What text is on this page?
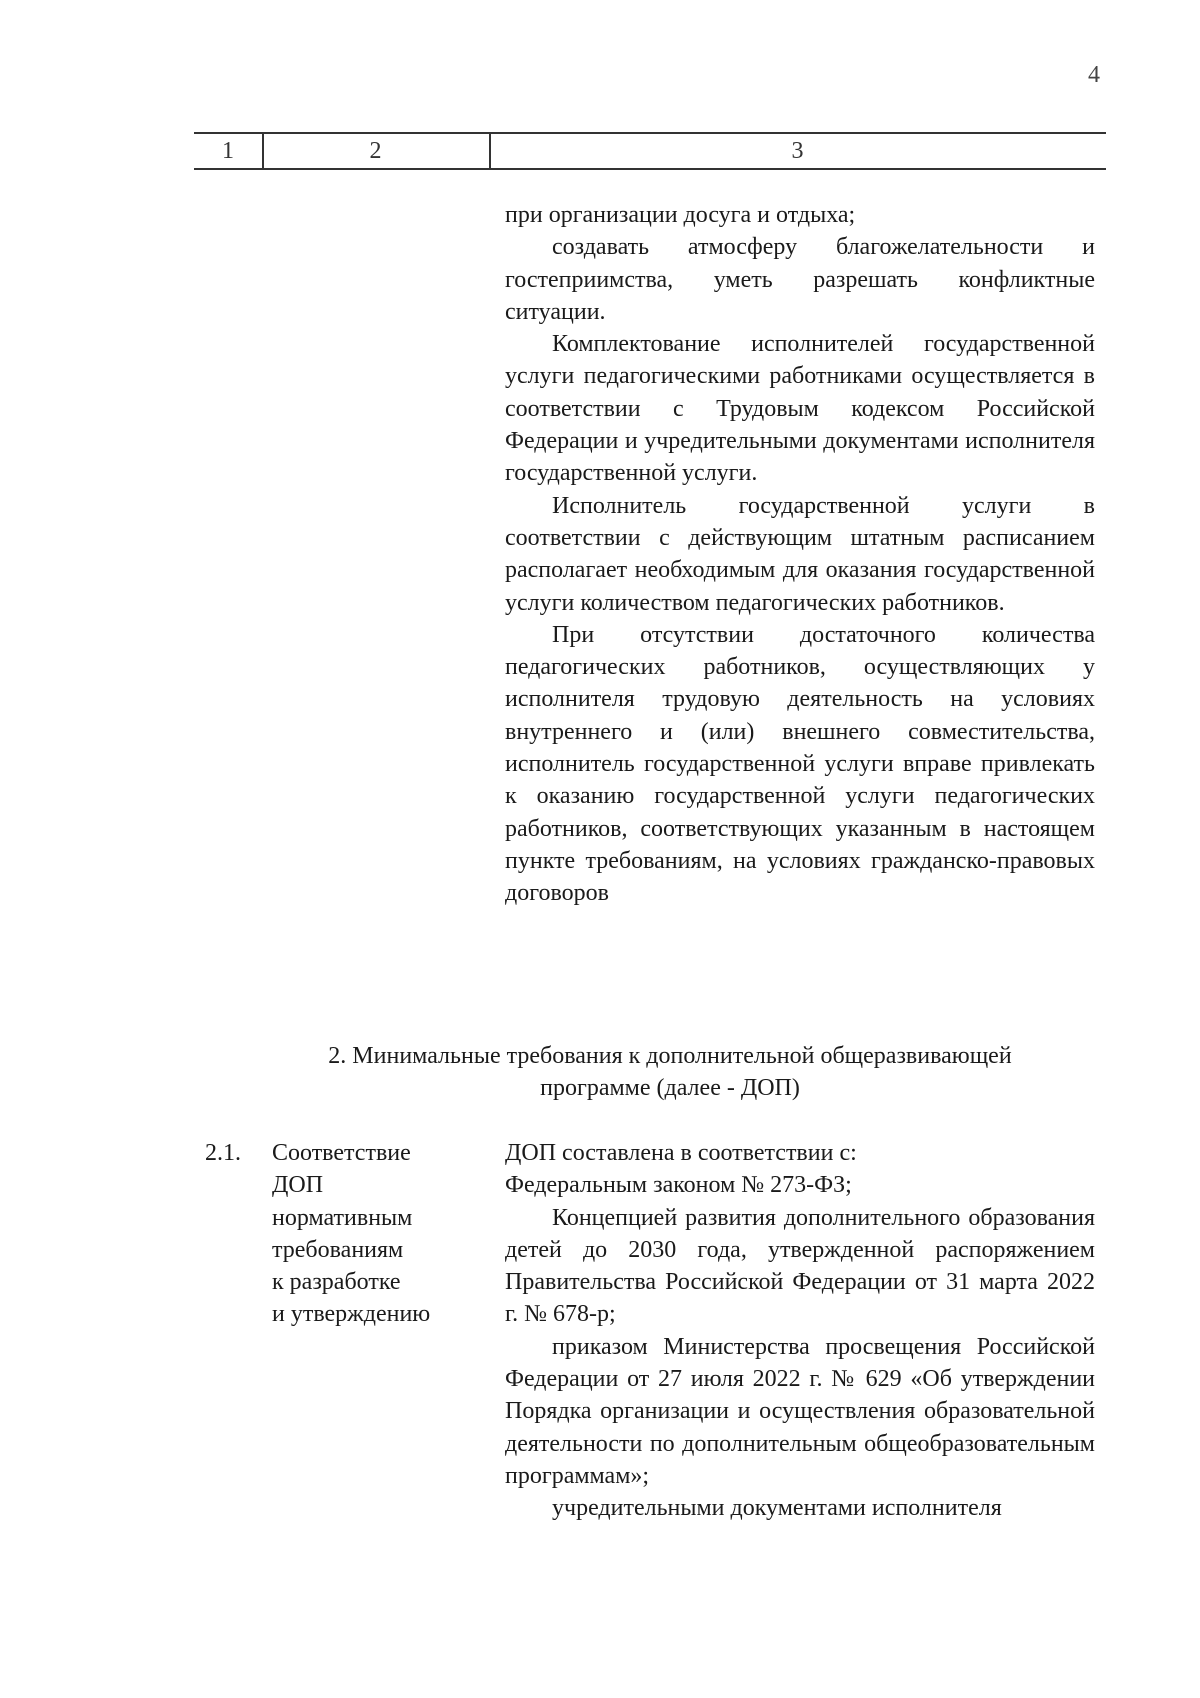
4
1	2	3

при организации досуга и отдыха;

создавать атмосферу благожелательности и гостеприимства, уметь разрешать конфликтные ситуации.

Комплектование исполнителей государственной услуги педагогическими работниками осуществляется в соответствии с Трудовым кодексом Российской Федерации и учредительными документами исполнителя государственной услуги.

Исполнитель государственной услуги в соответствии с действующим штатным расписанием располагает необходимым для оказания государственной услуги количеством педагогических работников.

При отсутствии достаточного количества педагогических работников, осуществляющих у исполнителя трудовую деятельность на условиях внутреннего и (или) внешнего совместительства, исполнитель государственной услуги вправе привлекать к оказанию государственной услуги педагогических работников, соответствующих указанным в настоящем пункте требованиям, на условиях гражданско-правовых договоров

2. Минимальные требования к дополнительной общеразвивающей
программе (далее - ДОП)
2.1. Соответствие
ДОП
нормативным
требованиям
к разработке
и утверждению

ДОП составлена в соответствии с:

Федеральным законом № 273-ФЗ;

Концепцией развития дополнительного образования детей до 2030 года, утвержденной распоряжением Правительства Российской Федерации от 31 марта 2022 г. № 678-р;

приказом Министерства просвещения Российской Федерации от 27 июля 2022 г. № 629 «Об утверждении Порядка организации и осуществления образовательной деятельности по дополнительным общеобразовательным программам»;

учредительными документами исполнителя
